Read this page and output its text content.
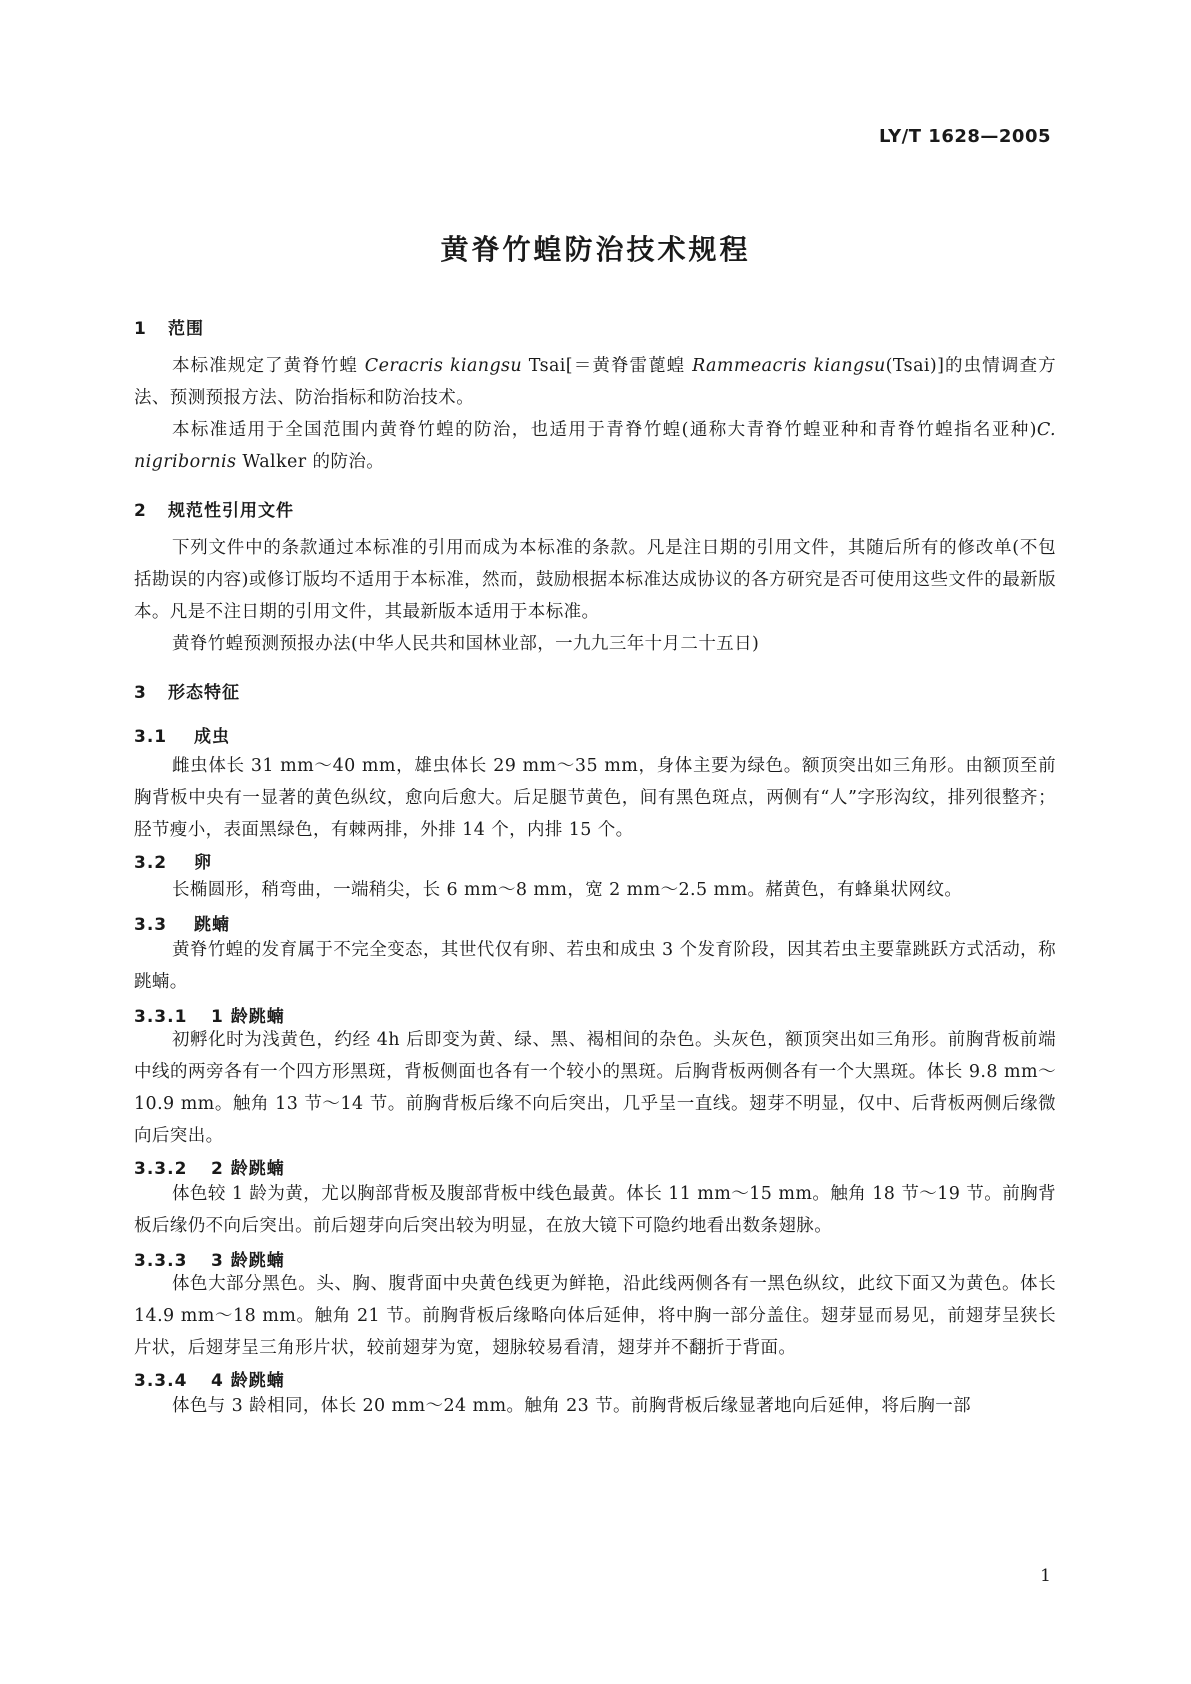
LY/T 1628—2005
黄脊竹蝗防治技术规程
1 范围

本标准规定了黄脊竹蝗 Ceracris kiangsu Tsai[＝黄脊雷蓖蝗 Rammeacris kiangsu(Tsai)]的虫情调查方法、预测预报方法、防治指标和防治技术。

本标准适用于全国范围内黄脊竹蝗的防治，也适用于青脊竹蝗(通称大青脊竹蝗亚种和青脊竹蝗指名亚种)C. nigribornis Walker 的防治。

2 规范性引用文件

下列文件中的条款通过本标准的引用而成为本标准的条款。凡是注日期的引用文件，其随后所有的修改单(不包括勘误的内容)或修订版均不适用于本标准，然而，鼓励根据本标准达成协议的各方研究是否可使用这些文件的最新版本。凡是不注日期的引用文件，其最新版本适用于本标准。

黄脊竹蝗预测预报办法(中华人民共和国林业部，一九九三年十月二十五日)

3 形态特征
3.1 成虫

雌虫体长 31 mm～40 mm，雄虫体长 29 mm～35 mm，身体主要为绿色。额顶突出如三角形。由额顶至前胸背板中央有一显著的黄色纵纹，愈向后愈大。后足腿节黄色，间有黑色斑点，两侧有“人”字形沟纹，排列很整齐；胫节瘦小，表面黑绿色，有棘两排，外排 14 个，内排 15 个。

3.2 卵

长椭圆形，稍弯曲，一端稍尖，长 6 mm～8 mm，宽 2 mm～2.5 mm。赭黄色，有蜂巢状网纹。

3.3 跳蝻

黄脊竹蝗的发育属于不完全变态，其世代仅有卵、若虫和成虫 3 个发育阶段，因其若虫主要靠跳跃方式活动，称跳蝻。

3.3.1 1 龄跳蝻

初孵化时为浅黄色，约经 4h 后即变为黄、绿、黑、褐相间的杂色。头灰色，额顶突出如三角形。前胸背板前端中线的两旁各有一个四方形黑斑，背板侧面也各有一个较小的黑斑。后胸背板两侧各有一个大黑斑。体长 9.8 mm～10.9 mm。触角 13 节～14 节。前胸背板后缘不向后突出，几乎呈一直线。翅芽不明显，仅中、后背板两侧后缘微向后突出。

3.3.2 2 龄跳蝻

体色较 1 龄为黄，尤以胸部背板及腹部背板中线色最黄。体长 11 mm～15 mm。触角 18 节～19 节。前胸背板后缘仍不向后突出。前后翅芽向后突出较为明显，在放大镜下可隐约地看出数条翅脉。

3.3.3 3 龄跳蝻

体色大部分黑色。头、胸、腹背面中央黄色线更为鲜艳，沿此线两侧各有一黑色纵纹，此纹下面又为黄色。体长 14.9 mm～18 mm。触角 21 节。前胸背板后缘略向体后延伸，将中胸一部分盖住。翅芽显而易见，前翅芽呈狭长片状，后翅芽呈三角形片状，较前翅芽为宽，翅脉较易看清，翅芽并不翻折于背面。

3.3.4 4 龄跳蝻

体色与 3 龄相同，体长 20 mm～24 mm。触角 23 节。前胸背板后缘显著地向后延伸，将后胸一部

1
